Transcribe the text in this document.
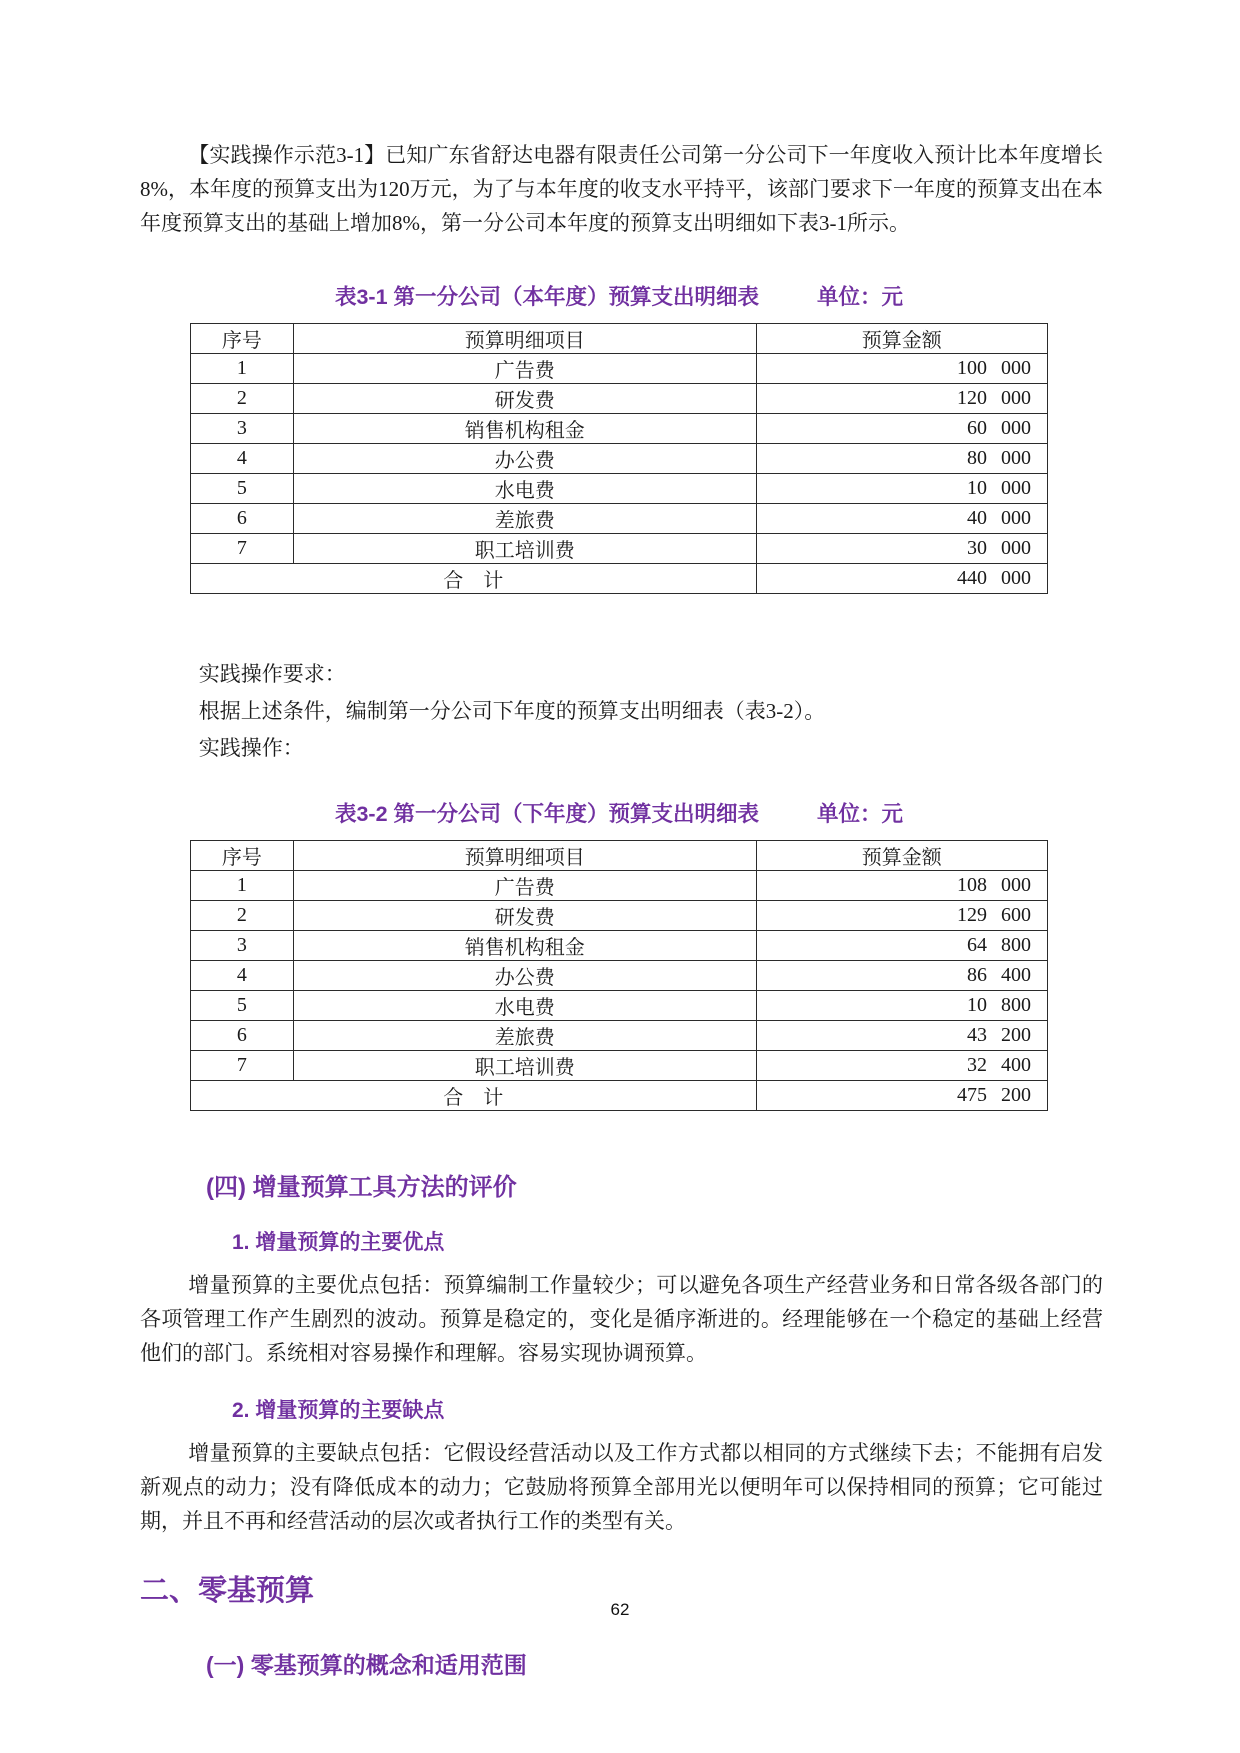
【实践操作示范3-1】已知广东省舒达电器有限责任公司第一分公司下一年度收入预计比本年度增长8%，本年度的预算支出为120万元，为了与本年度的收支水平持平，该部门要求下一年度的预算支出在本年度预算支出的基础上增加8%，第一分公司本年度的预算支出明细如下表3-1所示。

表3-1 第一分公司（本年度）预算支出明细表	单位：元
序号	预算明细项目	预算金额
1	广告费	100 000
2	研发费	120 000
3	销售机构租金	60 000
4	办公费	80 000
5	水电费	10 000
6	差旅费	40 000
7	职工培训费	30 000
合　计		440 000

实践操作要求：

根据上述条件，编制第一分公司下年度的预算支出明细表（表3-2）。

实践操作：

表3-2 第一分公司（下年度）预算支出明细表	单位：元
序号	预算明细项目	预算金额
1	广告费	108 000
2	研发费	129 600
3	销售机构租金	64 800
4	办公费	86 400
5	水电费	10 800
6	差旅费	43 200
7	职工培训费	32 400
合　计		475 200
(四) 增量预算工具方法的评价
1. 增量预算的主要优点

增量预算的主要优点包括：预算编制工作量较少；可以避免各项生产经营业务和日常各级各部门的各项管理工作产生剧烈的波动。预算是稳定的，变化是循序渐进的。经理能够在一个稳定的基础上经营他们的部门。系统相对容易操作和理解。容易实现协调预算。

2. 增量预算的主要缺点

增量预算的主要缺点包括：它假设经营活动以及工作方式都以相同的方式继续下去；不能拥有启发新观点的动力；没有降低成本的动力；它鼓励将预算全部用光以便明年可以保持相同的预算；它可能过期，并且不再和经营活动的层次或者执行工作的类型有关。

二、零基预算
(一) 零基预算的概念和适用范围
62
